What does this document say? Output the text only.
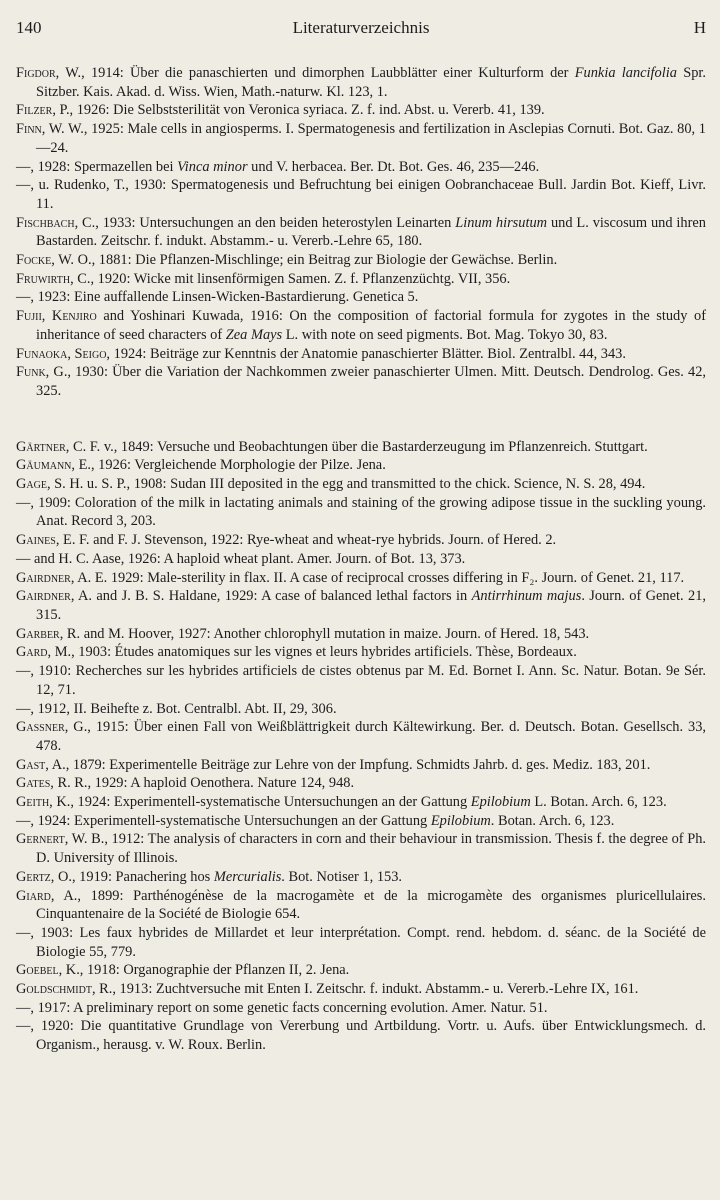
140	Literaturverzeichnis	H

Figdor, W., 1914: Über die panaschierten und dimorphen Laubblätter einer Kulturform der Funkia lancifolia Spr. Sitzber. Kais. Akad. d. Wiss. Wien, Math.-naturw. Kl. 123, 1.

Filzer, P., 1926: Die Selbststerilität von Veronica syriaca. Z. f. ind. Abst. u. Vererb. 41, 139.

Finn, W. W., 1925: Male cells in angiosperms. I. Spermatogenesis and fertilization in Asclepias Cornuti. Bot. Gaz. 80, 1—24.

—, 1928: Spermazellen bei Vinca minor und V. herbacea. Ber. Dt. Bot. Ges. 46, 235—246.

—, u. Rudenko, T., 1930: Spermatogenesis und Befruchtung bei einigen Oobranchaceae Bull. Jardin Bot. Kieff, Livr. 11.

Fischbach, C., 1933: Untersuchungen an den beiden heterostylen Leinarten Linum hirsutum und L. viscosum und ihren Bastarden. Zeitschr. f. indukt. Abstamm.- u. Vererb.-Lehre 65, 180.

Focke, W. O., 1881: Die Pflanzen-Mischlinge; ein Beitrag zur Biologie der Gewächse. Berlin.

Fruwirth, C., 1920: Wicke mit linsenförmigen Samen. Z. f. Pflanzenzüchtg. VII, 356.

—, 1923: Eine auffallende Linsen-Wicken-Bastardierung. Genetica 5.

Fujii, Kenjiro and Yoshinari Kuwada, 1916: On the composition of factorial formula for zygotes in the study of inheritance of seed characters of Zea Mays L. with note on seed pigments. Bot. Mag. Tokyo 30, 83.

Funaoka, Seigo, 1924: Beiträge zur Kenntnis der Anatomie panaschierter Blätter. Biol. Zentralbl. 44, 343.

Funk, G., 1930: Über die Variation der Nachkommen zweier panaschierter Ulmen. Mitt. Deutsch. Dendrolog. Ges. 42, 325.

Gärtner, C. F. v., 1849: Versuche und Beobachtungen über die Bastarderzeugung im Pflanzenreich. Stuttgart.

Gäumann, E., 1926: Vergleichende Morphologie der Pilze. Jena.

Gage, S. H. u. S. P., 1908: Sudan III deposited in the egg and transmitted to the chick. Science, N. S. 28, 494.

—, 1909: Coloration of the milk in lactating animals and staining of the growing adipose tissue in the suckling young. Anat. Record 3, 203.

Gaines, E. F. and F. J. Stevenson, 1922: Rye-wheat and wheat-rye hybrids. Journ. of Hered. 2.

— and H. C. Aase, 1926: A haploid wheat plant. Amer. Journ. of Bot. 13, 373.

Gairdner, A. E. 1929: Male-sterility in flax. II. A case of reciprocal crosses differing in F₂. Journ. of Genet. 21, 117.

Gairdner, A. and J. B. S. Haldane, 1929: A case of balanced lethal factors in Antirrhinum majus. Journ. of Genet. 21, 315.

Garber, R. and M. Hoover, 1927: Another chlorophyll mutation in maize. Journ. of Hered. 18, 543.

Gard, M., 1903: Études anatomiques sur les vignes et leurs hybrides artificiels. Thèse, Bordeaux.

—, 1910: Recherches sur les hybrides artificiels de cistes obtenus par M. Ed. Bornet I. Ann. Sc. Natur. Botan. 9e Sér. 12, 71.

—, 1912, II. Beihefte z. Bot. Centralbl. Abt. II, 29, 306.

Gassner, G., 1915: Über einen Fall von Weißblättrigkeit durch Kältewirkung. Ber. d. Deutsch. Botan. Gesellsch. 33, 478.

Gast, A., 1879: Experimentelle Beiträge zur Lehre von der Impfung. Schmidts Jahrb. d. ges. Mediz. 183, 201.

Gates, R. R., 1929: A haploid Oenothera. Nature 124, 948.

Geith, K., 1924: Experimentell-systematische Untersuchungen an der Gattung Epilobium L. Botan. Arch. 6, 123.

—, 1924: Experimentell-systematische Untersuchungen an der Gattung Epilobium. Botan. Arch. 6, 123.

Gernert, W. B., 1912: The analysis of characters in corn and their behaviour in transmission. Thesis f. the degree of Ph. D. University of Illinois.

Gertz, O., 1919: Panachering hos Mercurialis. Bot. Notiser 1, 153.

Giard, A., 1899: Parthénogénèse de la macrogamète et de la microgamète des organismes pluricellulaires. Cinquantenaire de la Société de Biologie 654.

—, 1903: Les faux hybrides de Millardet et leur interprétation. Compt. rend. hebdom. d. séanc. de la Société de Biologie 55, 779.

Goebel, K., 1918: Organographie der Pflanzen II, 2. Jena.

Goldschmidt, R., 1913: Zuchtversuche mit Enten I. Zeitschr. f. indukt. Abstamm.- u. Vererb.-Lehre IX, 161.

—, 1917: A preliminary report on some genetic facts concerning evolution. Amer. Natur. 51.

—, 1920: Die quantitative Grundlage von Vererbung und Artbildung. Vortr. u. Aufs. über Entwicklungsmech. d. Organism., herausg. v. W. Roux. Berlin.
